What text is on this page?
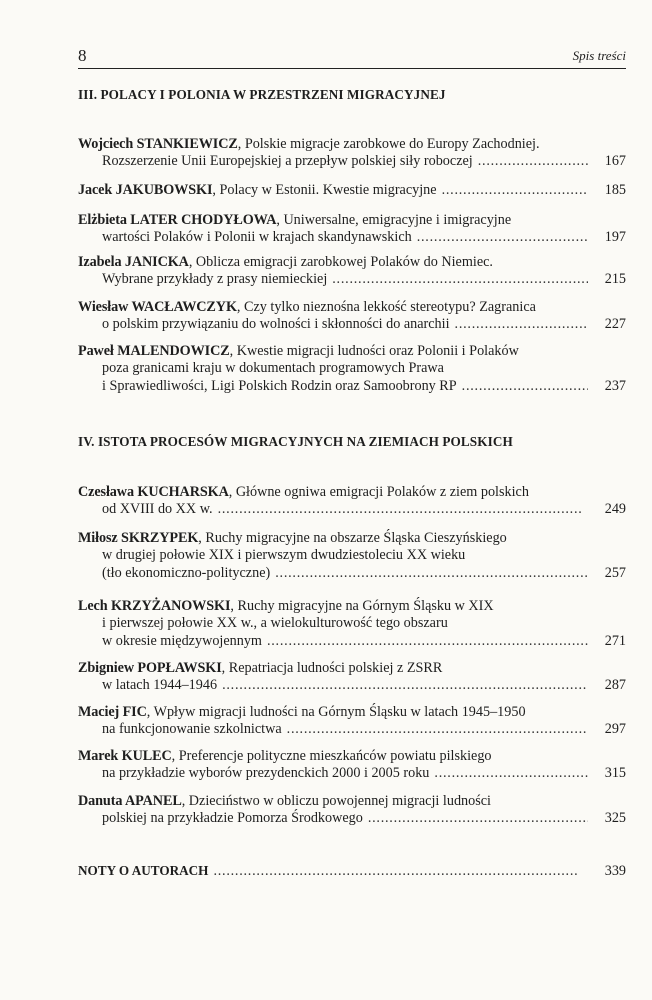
8	Spis treści
III. POLACY I POLONIA W PRZESTRZENI MIGRACYJNEJ
Wojciech STANKIEWICZ, Polskie migracje zarobkowe do Europy Zachodniej.
Rozszerzenie Unii Europejskiej a przepływ polskiej siły roboczej . . .	167
Jacek JAKUBOWSKI, Polacy w Estonii. Kwestie migracyjne . . .	185
Elżbieta LATER CHODYŁOWA, Uniwersalne, emigracyjne i imigracyjne
wartości Polaków i Polonii w krajach skandynawskich . . .	197
Izabela JANICKA, Oblicza emigracji zarobkowej Polaków do Niemiec.
Wybrane przykłady z prasy niemieckiej . . .	215
Wiesław WACŁAWCZYK, Czy tylko nieznośna lekkość stereotypu? Zagranica
o polskim przywiązaniu do wolności i skłonności do anarchii . . .	227
Paweł MALENDOWICZ, Kwestie migracji ludności oraz Polonii i Polaków
poza granicami kraju w dokumentach programowych Prawa
i Sprawiedliwości, Ligi Polskich Rodzin oraz Samoobrony RP . . .	237
IV. ISTOTA PROCESÓW MIGRACYJNYCH NA ZIEMIACH POLSKICH
Czesława KUCHARSKA, Główne ogniwa emigracji Polaków z ziem polskich
od XVIII do XX w. . . .	249
Miłosz SKRZYPEK, Ruchy migracyjne na obszarze Śląska Cieszyńskiego
w drugiej połowie XIX i pierwszym dwudziestoleciu XX wieku
(tło ekonomiczno-polityczne) . . .	257
Lech KRZYŻANOWSKI, Ruchy migracyjne na Górnym Śląsku w XIX
i pierwszej połowie XX w., a wielokulturowość tego obszaru
w okresie międzywojennym . . .	271
Zbigniew POPŁAWSKI, Repatriacja ludności polskiej z ZSRR
w latach 1944–1946 . . .	287
Maciej FIC, Wpływ migracji ludności na Górnym Śląsku w latach 1945–1950
na funkcjonowanie szkolnictwa . . .	297
Marek KULEC, Preferencje polityczne mieszkańców powiatu pilskiego
na przykładzie wyborów prezydenckich 2000 i 2005 roku . . .	315
Danuta APANEL, Dzieciństwo w obliczu powojennej migracji ludności
polskiej na przykładzie Pomorza Środkowego . . .	325
NOTY O AUTORACH . . .	339
